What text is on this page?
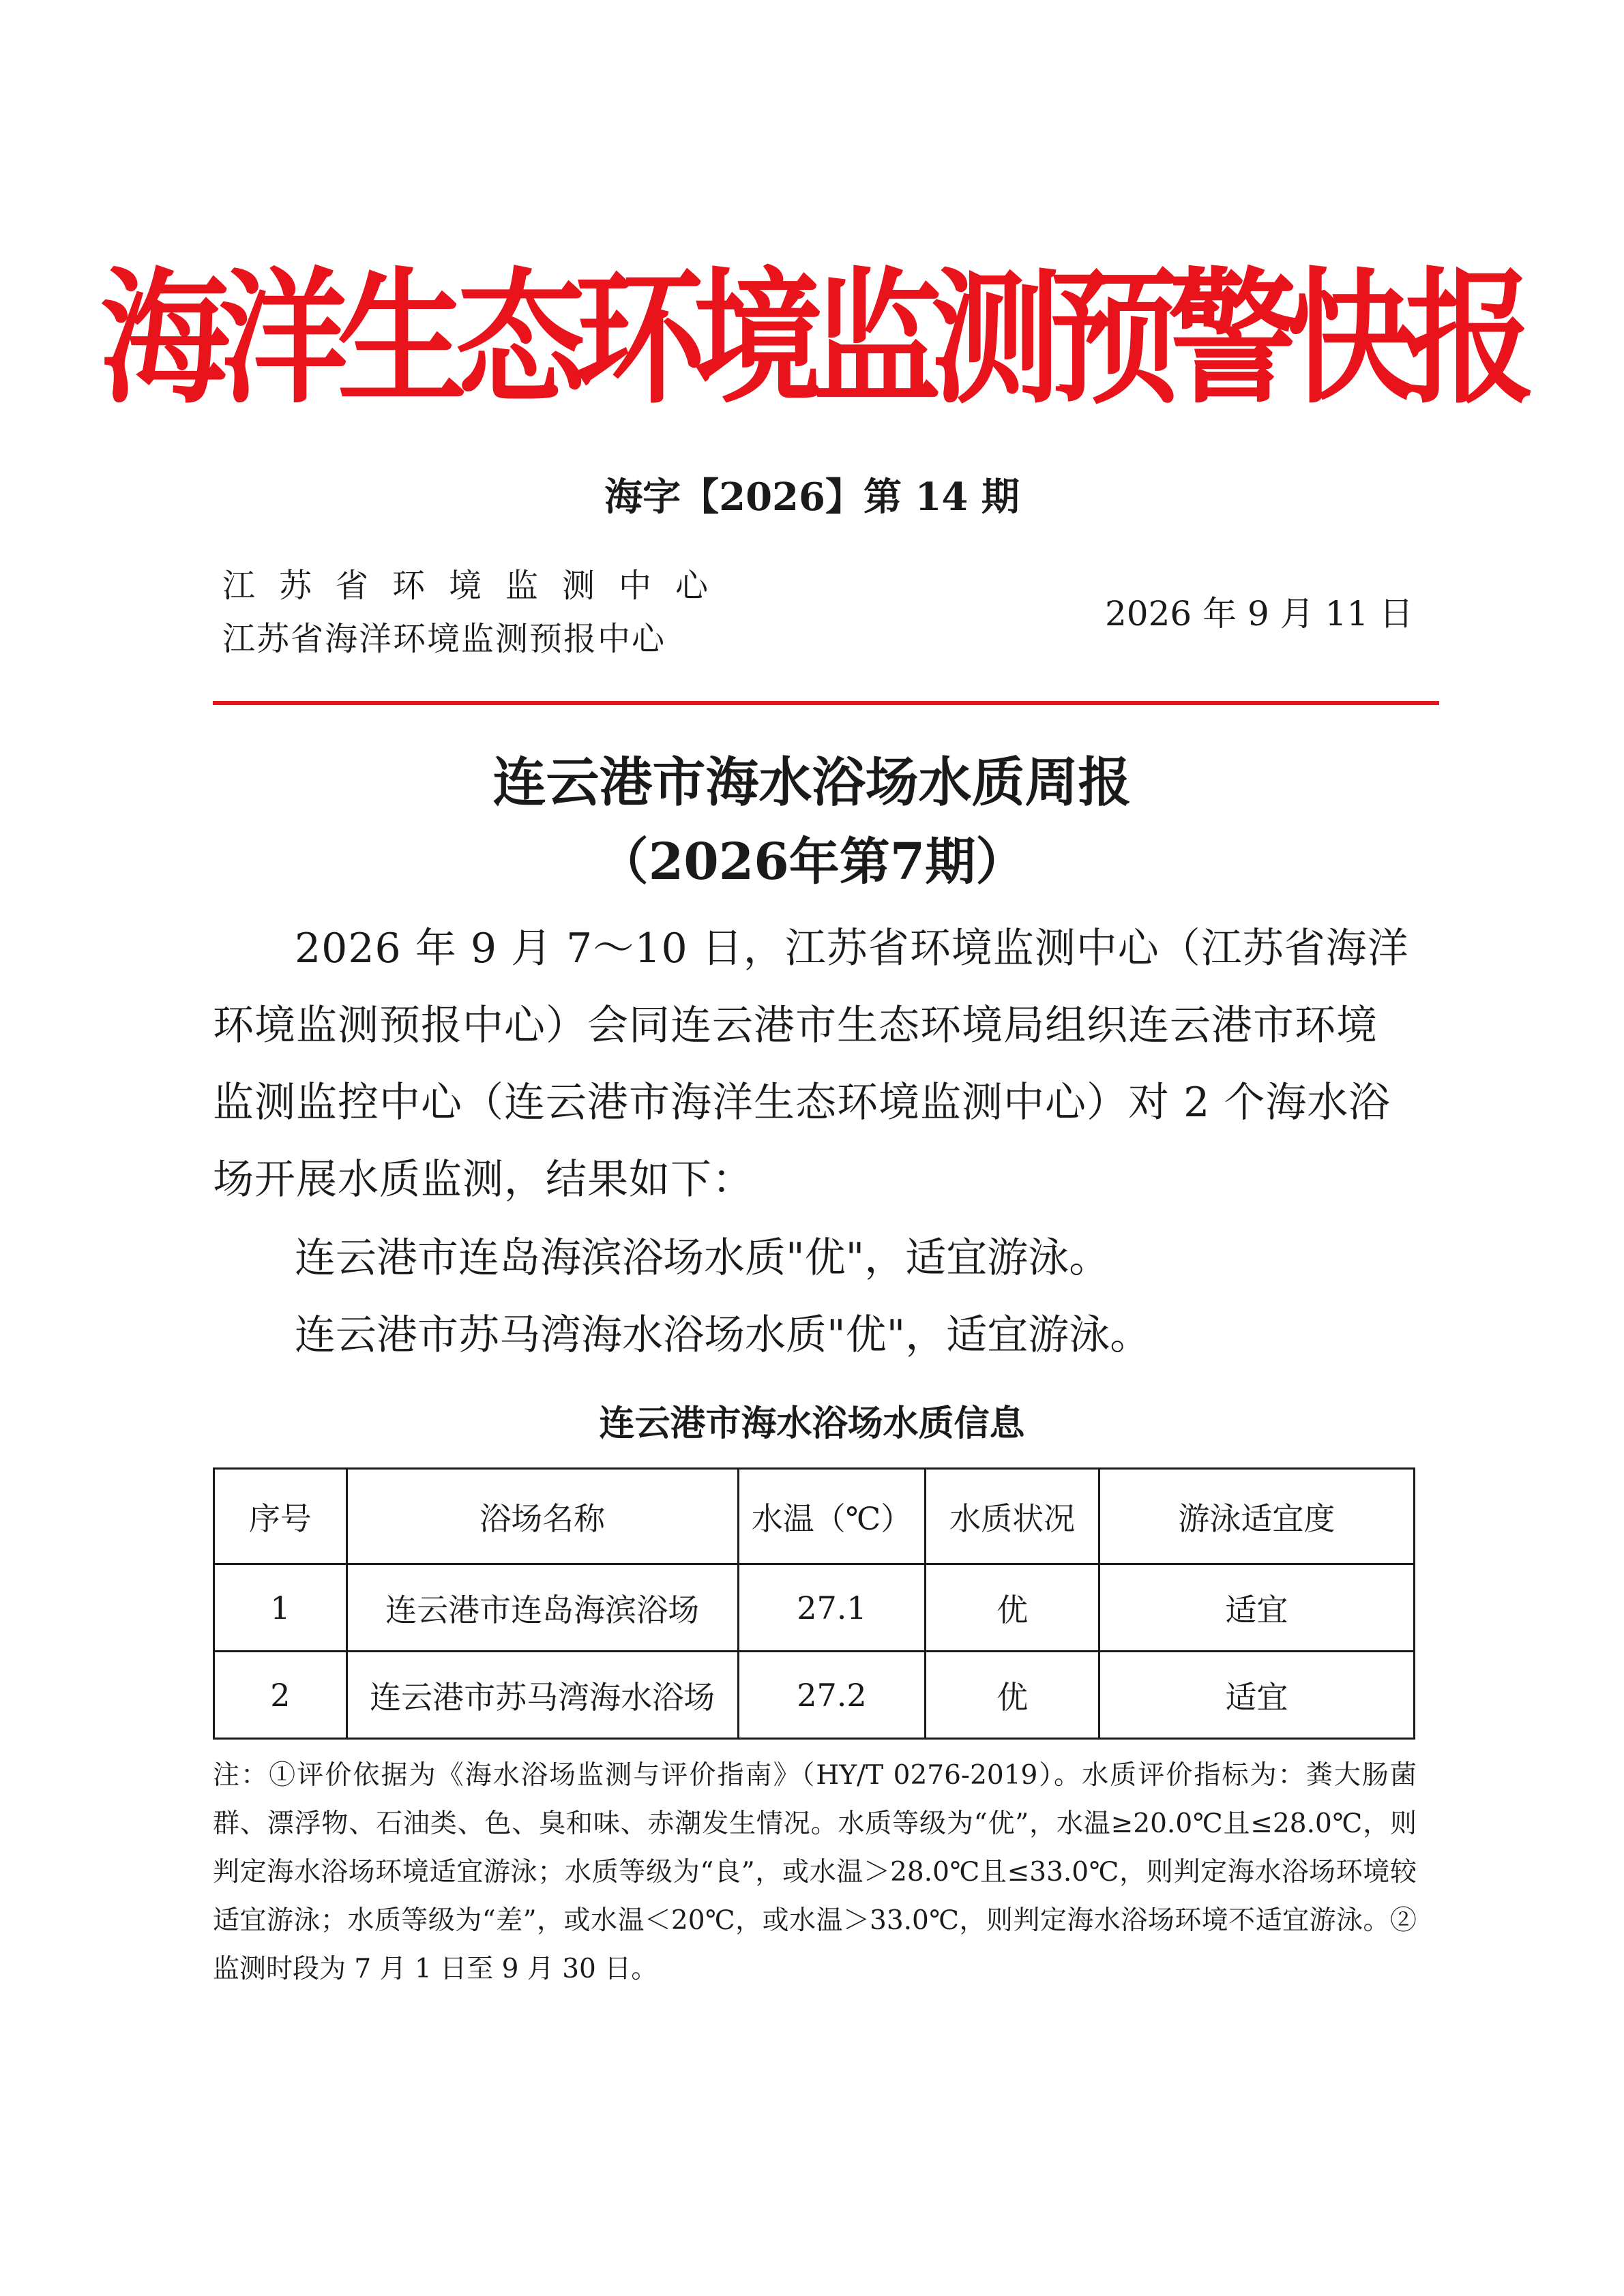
海洋生态环境监测预警快报
海字【2026】第 14 期
江苏省环境监测中心
江苏省海洋环境监测预报中心
2026 年 9 月 11 日
连云港市海水浴场水质周报
（2026年第7期）
2026 年 9 月 7～10 日，江苏省环境监测中心（江苏省海洋环境监测预报中心）会同连云港市生态环境局组织连云港市环境监测监控中心（连云港市海洋生态环境监测中心）对 2 个海水浴场开展水质监测，结果如下：
连云港市连岛海滨浴场水质"优"，适宜游泳。
连云港市苏马湾海水浴场水质"优"，适宜游泳。
连云港市海水浴场水质信息
序号	浴场名称	水温（℃）	水质状况	游泳适宜度
1	连云港市连岛海滨浴场	27.1	优	适宜
2	连云港市苏马湾海水浴场	27.2	优	适宜
注：①评价依据为《海水浴场监测与评价指南》（HY/T 0276-2019）。水质评价指标为：粪大肠菌群、漂浮物、石油类、色、臭和味、赤潮发生情况。水质等级为“优”，水温≥20.0℃且≤28.0℃，则判定海水浴场环境适宜游泳；水质等级为“良”，或水温＞28.0℃且≤33.0℃，则判定海水浴场环境较适宜游泳；水质等级为“差”，或水温＜20℃，或水温＞33.0℃，则判定海水浴场环境不适宜游泳。②监测时段为 7 月 1 日至 9 月 30 日。
